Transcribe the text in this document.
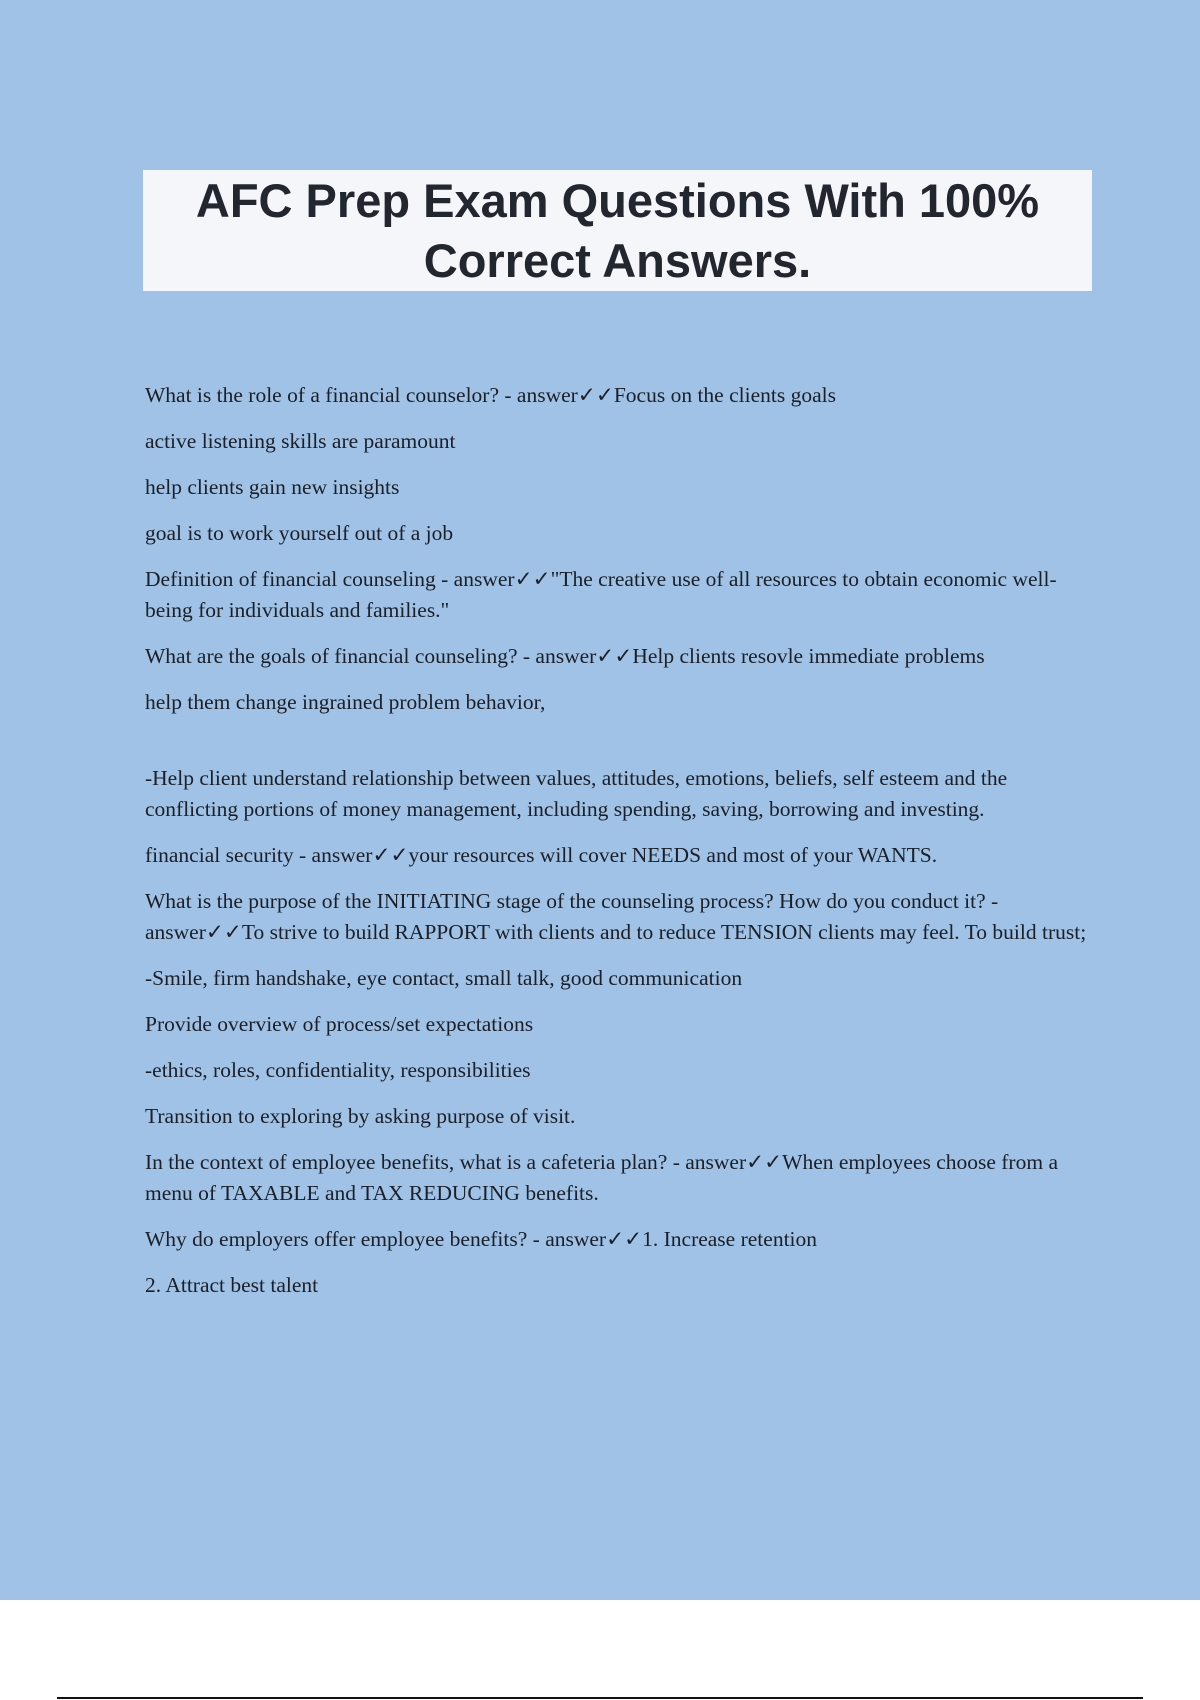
AFC Prep Exam Questions With 100%
Correct Answers.

What is the role of a financial counselor? - answer✓✓Focus on the clients goals

active listening skills are paramount

help clients gain new insights

goal is to work yourself out of a job

Definition of financial counseling - answer✓✓"The creative use of all resources to obtain economic well-being for individuals and families."

What are the goals of financial counseling? - answer✓✓Help clients resovle immediate problems

help them change ingrained problem behavior,

-Help client understand relationship between values, attitudes, emotions, beliefs, self esteem and the conflicting portions of money management, including spending, saving, borrowing and investing.

financial security - answer✓✓your resources will cover NEEDS and most of your WANTS.

What is the purpose of the INITIATING stage of the counseling process? How do you conduct it? - answer✓✓To strive to build RAPPORT with clients and to reduce TENSION clients may feel. To build trust;

-Smile, firm handshake, eye contact, small talk, good communication

Provide overview of process/set expectations

-ethics, roles, confidentiality, responsibilities

Transition to exploring by asking purpose of visit.

In the context of employee benefits, what is a cafeteria plan? - answer✓✓When employees choose from a menu of TAXABLE and TAX REDUCING benefits.

Why do employers offer employee benefits? - answer✓✓1. Increase retention

2. Attract best talent
